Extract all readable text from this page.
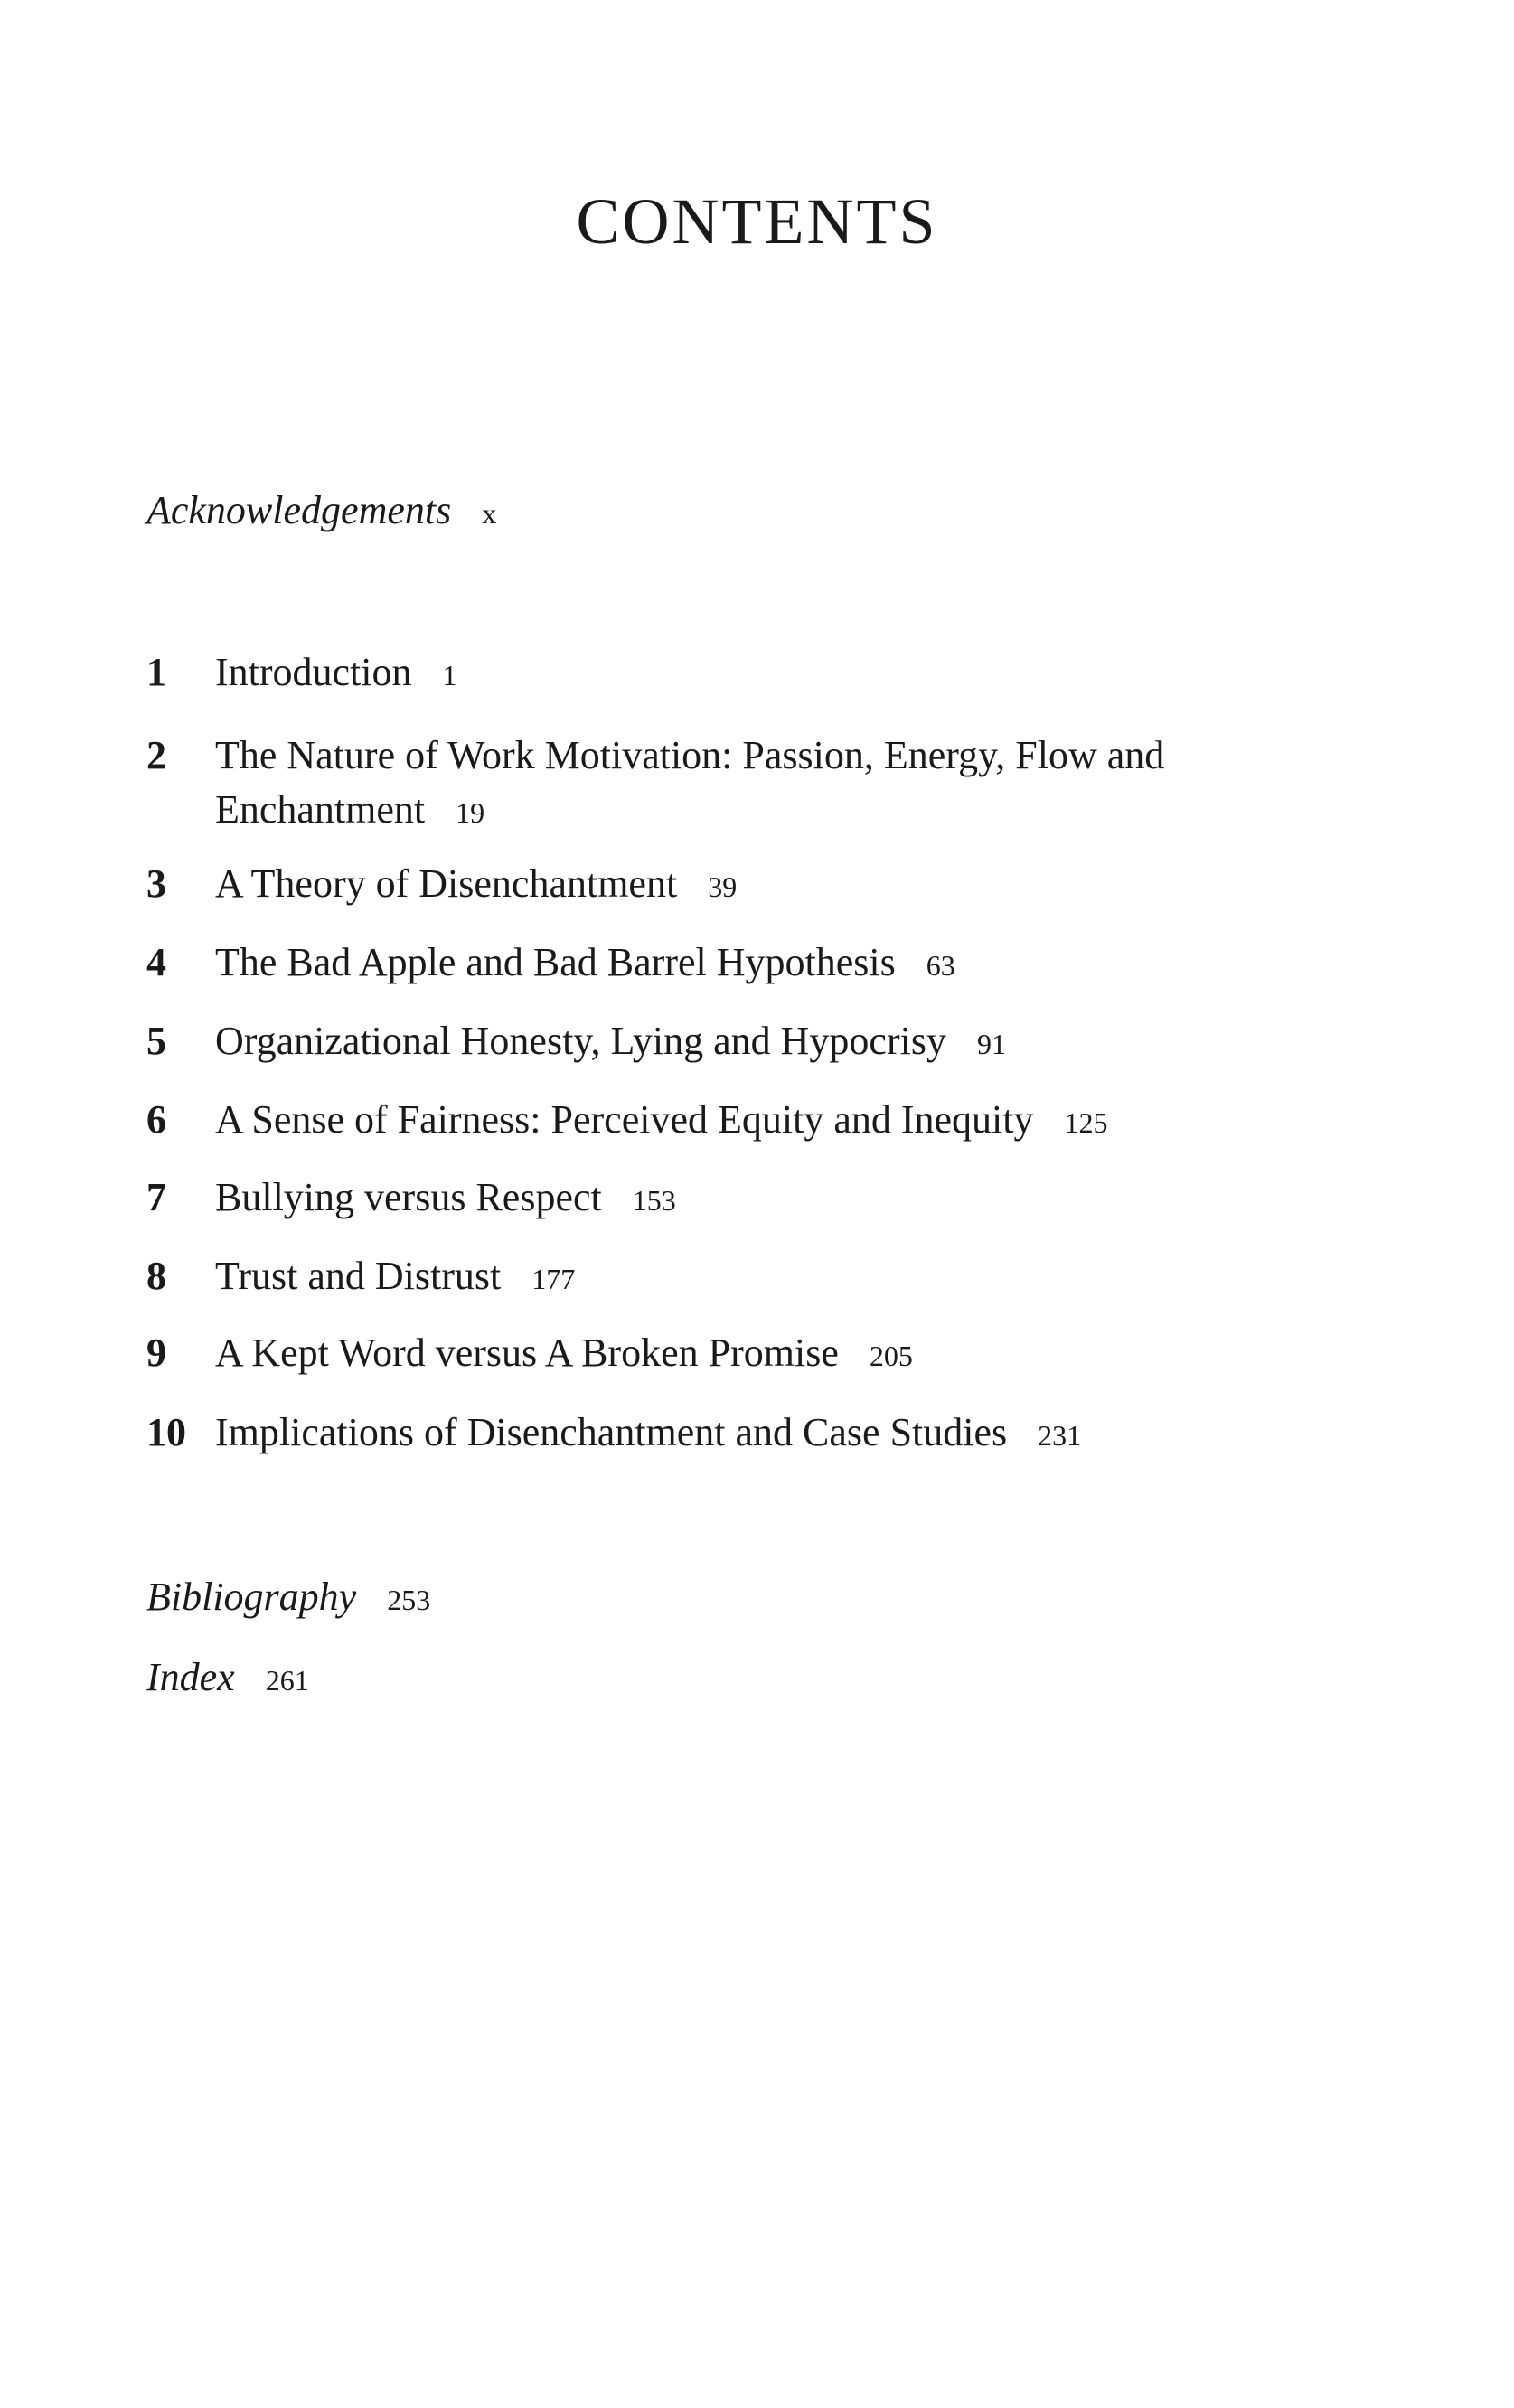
CONTENTS
Acknowledgements x
1 Introduction 1
2 The Nature of Work Motivation: Passion, Energy, Flow and
Enchantment 19
3 A Theory of Disenchantment 39
4 The Bad Apple and Bad Barrel Hypothesis 63
5 Organizational Honesty, Lying and Hypocrisy 91
6 A Sense of Fairness: Perceived Equity and Inequity 125
7 Bullying versus Respect 153
8 Trust and Distrust 177
9 A Kept Word versus A Broken Promise 205
10 Implications of Disenchantment and Case Studies 231
Bibliography 253
Index 261
